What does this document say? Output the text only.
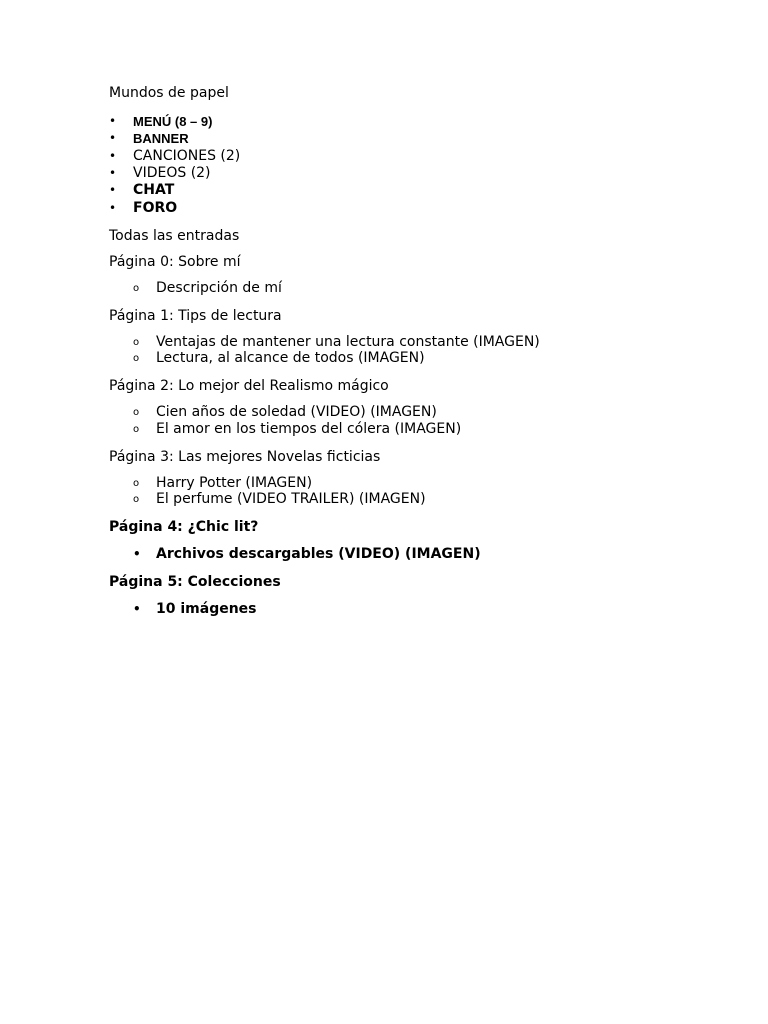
Mundos de papel
•	MENÚ (8 – 9)
•	BANNER
•	CANCIONES (2)
•	VIDEOS (2)
•	CHAT
•	FORO
Todas las entradas
Página 0: Sobre mí
o Descripción de mí
Página 1: Tips de lectura
o Ventajas de mantener una lectura constante (IMAGEN)
o Lectura, al alcance de todos (IMAGEN)
Página 2: Lo mejor del Realismo mágico
o Cien años de soledad (VIDEO) (IMAGEN)
o El amor en los tiempos del cólera (IMAGEN)
Página 3: Las mejores Novelas ficticias
o Harry Potter (IMAGEN)
o El perfume (VIDEO TRAILER) (IMAGEN)
Página 4: ¿Chic lit?
• Archivos descargables (VIDEO) (IMAGEN)
Página 5: Colecciones
• 10 imágenes
